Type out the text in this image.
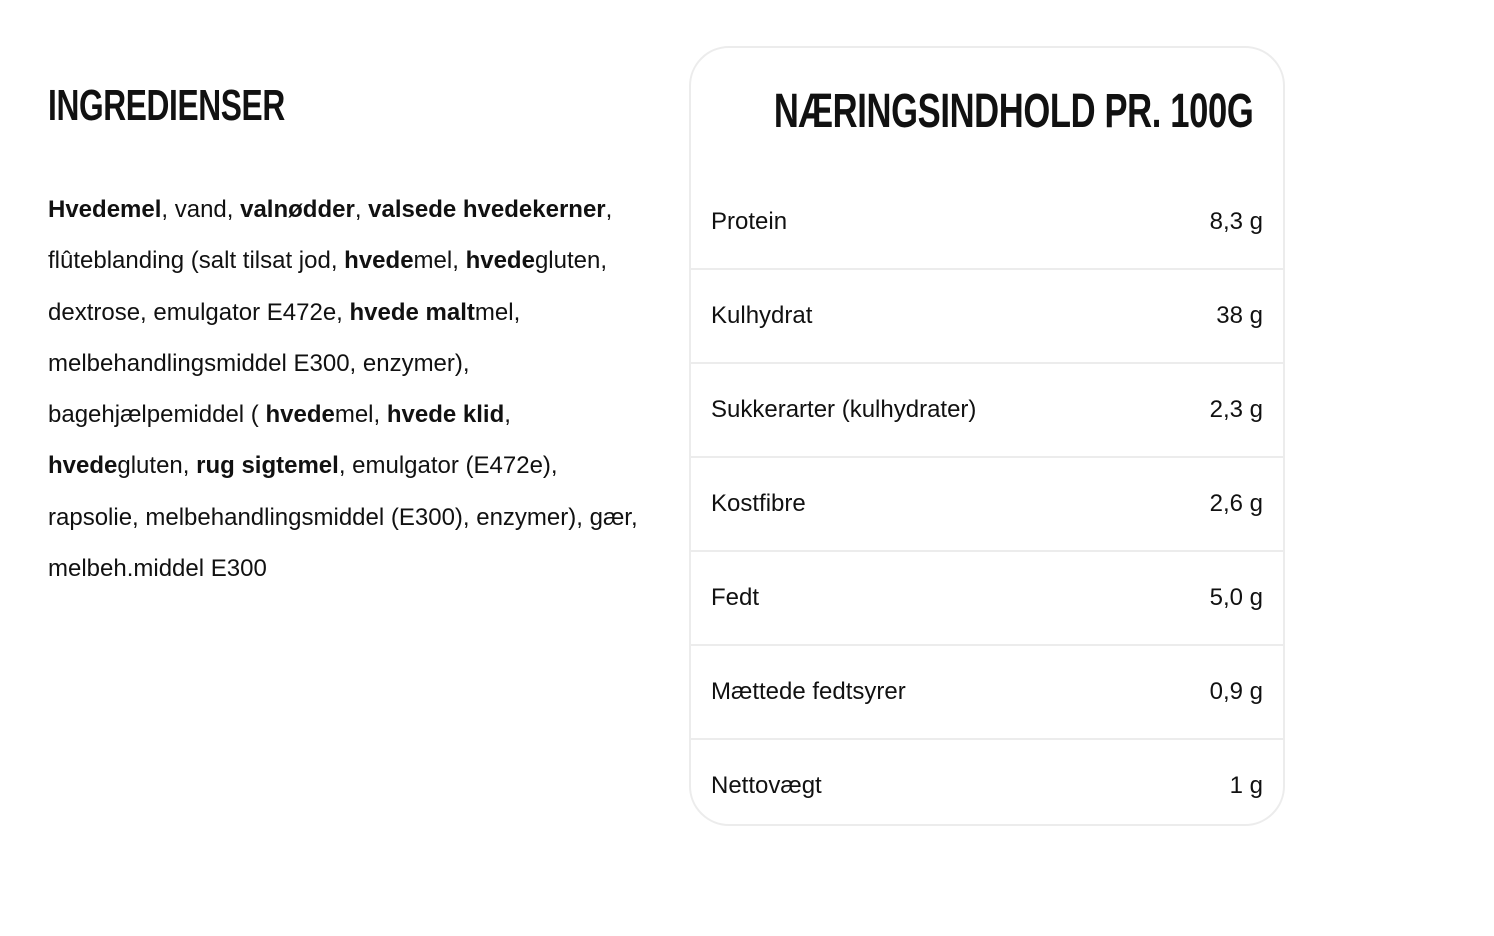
INGREDIENSER

Hvedemel, vand, valnødder, valsede hvedekerner, flûteblanding (salt tilsat jod, hvedemel, hvedegluten, dextrose, emulgator E472e, hvede maltmel, melbehandlingsmiddel E300, enzymer), bagehjælpemiddel ( hvedemel, hvede klid, hvedegluten, rug sigtemel, emulgator (E472e), rapsolie, melbehandlingsmiddel (E300), enzymer), gær, melbeh.middel E300

NÆRINGSINDHOLD PR. 100G
Protein	8,3 g
Kulhydrat	38 g
Sukkerarter (kulhydrater)	2,3 g
Kostfibre	2,6 g
Fedt	5,0 g
Mættede fedtsyrer	0,9 g
Nettovægt	1 g
